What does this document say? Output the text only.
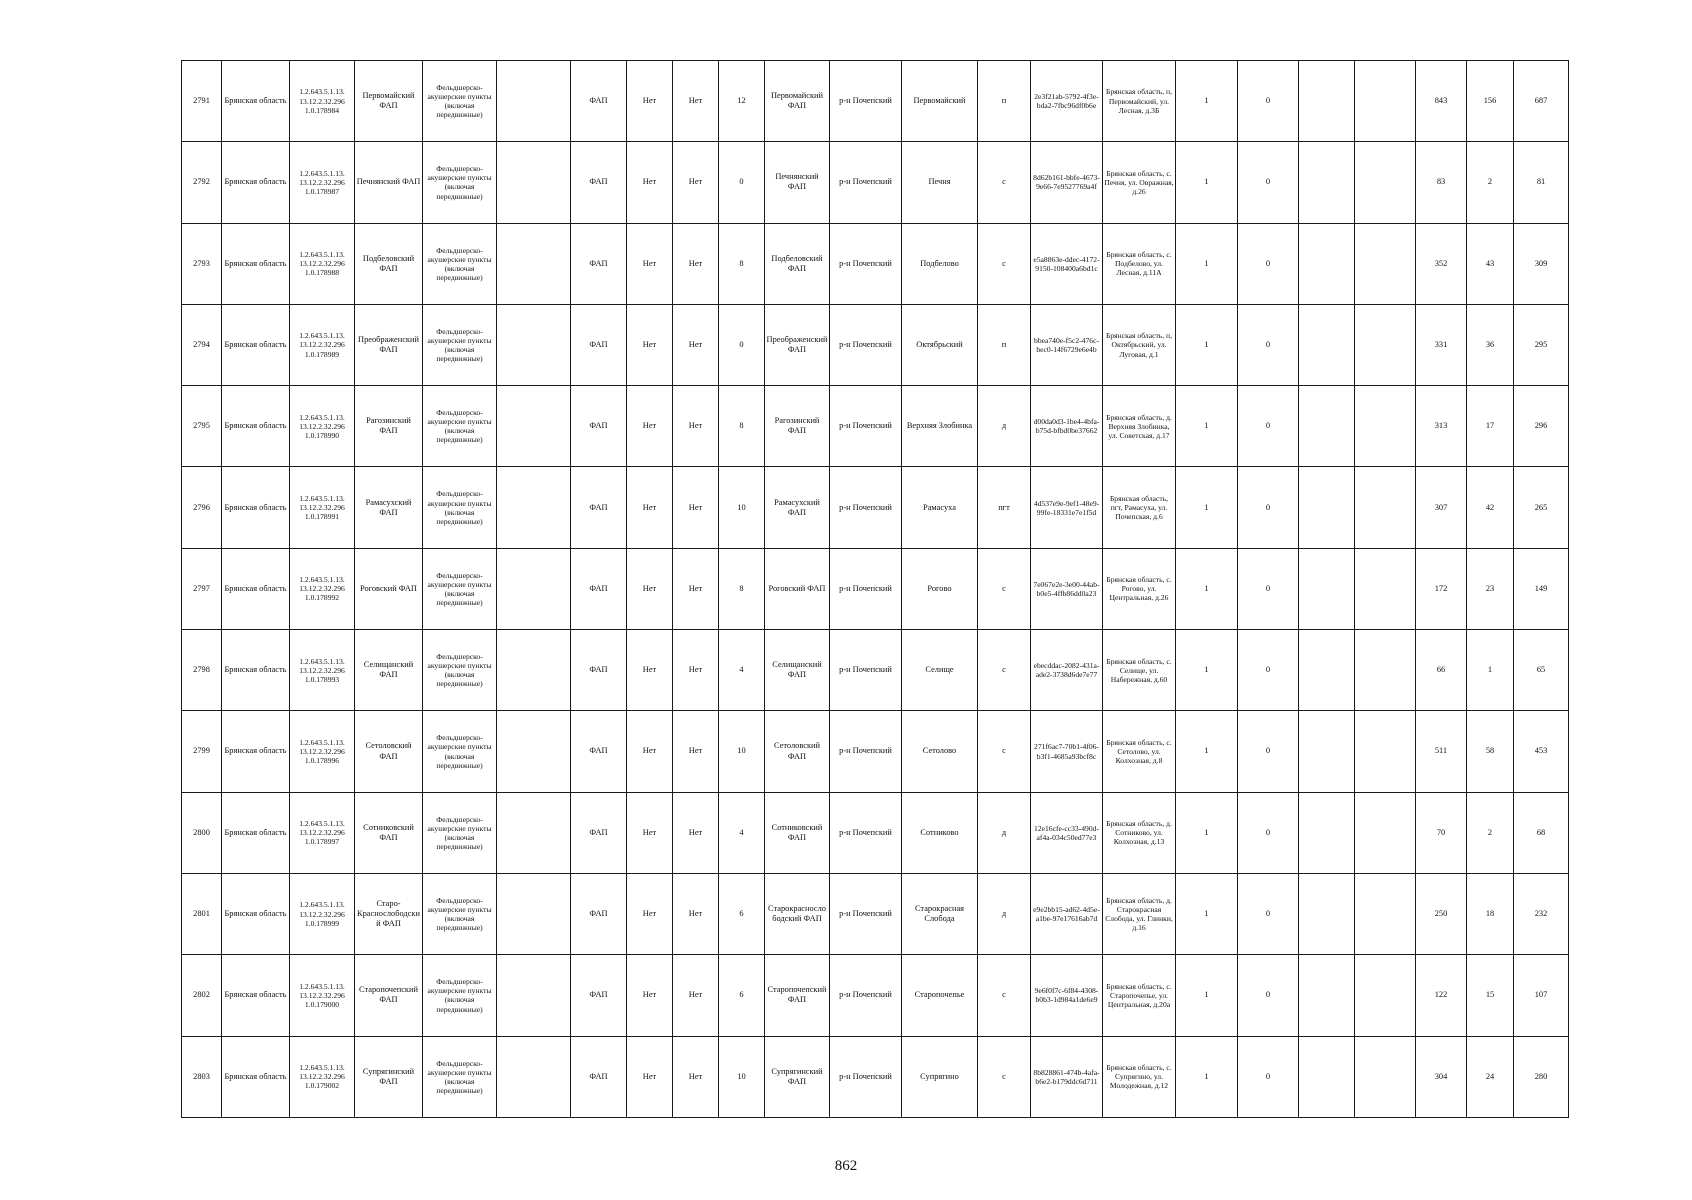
2791	Брянская область	1.2.643.5.1.13. 13.12.2.32.296 1.0.178984	Первомайский ФАП	Фельдшерско-акушерские пункты (включая передвижные)		ФАП	Нет	Нет	12	Первомайский ФАП	р-н Почепский	Первомайский	п	2e3f21ab-5792-4f3e-bda2-7fbc96df0b6e	Брянская область, п, Первомайский, ул. Лесная, д.3Б	1	0			843	156	687
2792	Брянская область	1.2.643.5.1.13. 13.12.2.32.296 1.0.178987	Печнянский ФАП	Фельдшерско-акушерские пункты (включая передвижные)		ФАП	Нет	Нет	0	Печнянский ФАП	р-н Почепский	Печня	с	8d62b161-bbfe-4673-9e66-7e9527769a4f	Брянская область, с. Печня, ул. Овражная, д.26	1	0			83	2	81
2793	Брянская область	1.2.643.5.1.13. 13.12.2.32.296 1.0.178988	Подбеловский ФАП	Фельдшерско-акушерские пункты (включая передвижные)		ФАП	Нет	Нет	8	Подбеловский ФАП	р-н Почепский	Подбелово	с	e5a8863e-ddec-4172-9150-108400a6bd1c	Брянская область, с. Подбелово, ул. Лесная, д.11А	1	0			352	43	309
2794	Брянская область	1.2.643.5.1.13. 13.12.2.32.296 1.0.178989	Преображенский ФАП	Фельдшерско-акушерские пункты (включая передвижные)		ФАП	Нет	Нет	0	Преображенский ФАП	р-н Почепский	Октябрьский	п	bbea740e-f5c2-476c-bec0-14f6729e6e4b	Брянская область, п, Октябрьский, ул. Луговая, д.1	1	0			331	36	295
2795	Брянская область	1.2.643.5.1.13. 13.12.2.32.296 1.0.178990	Рагозинский ФАП	Фельдшерско-акушерские пункты (включая передвижные)		ФАП	Нет	Нет	8	Рагозинский ФАП	р-н Почепский	Верхняя Злобинка	д	d00da0d3-1be4-4bfa-b75d-bfbd0be37662	Брянская область, д. Верхняя Злобинка, ул. Советская, д.17	1	0			313	17	296
2796	Брянская область	1.2.643.5.1.13. 13.12.2.32.296 1.0.178991	Рамасухский ФАП	Фельдшерско-акушерские пункты (включая передвижные)		ФАП	Нет	Нет	10	Рамасухский ФАП	р-н Почепский	Рамасуха	пгт	4d537e9e-9ef1-48e9-99fe-18331e7e1f5d	Брянская область, пгт, Рамасуха, ул. Почепская, д.6	1	0			307	42	265
2797	Брянская область	1.2.643.5.1.13. 13.12.2.32.296 1.0.178992	Роговский ФАП	Фельдшерско-акушерские пункты (включая передвижные)		ФАП	Нет	Нет	8	Роговский ФАП	р-н Почепский	Рогово	с	7e067e2e-3e00-44ab-b0e5-4ffb86dd0a23	Брянская область, с. Рогово, ул. Центральная, д.26	1	0			172	23	149
2798	Брянская область	1.2.643.5.1.13. 13.12.2.32.296 1.0.178993	Селищанский ФАП	Фельдшерско-акушерские пункты (включая передвижные)		ФАП	Нет	Нет	4	Селищанский ФАП	р-н Почепский	Селище	с	ebecddac-2082-431a-ade2-3738d6de7e77	Брянская область, с. Селище, ул. Набережная, д.60	1	0			66	1	65
2799	Брянская область	1.2.643.5.1.13. 13.12.2.32.296 1.0.178996	Сетоловский ФАП	Фельдшерско-акушерские пункты (включая передвижные)		ФАП	Нет	Нет	10	Сетоловский ФАП	р-н Почепский	Сетолово	с	271f6ac7-70b1-4f06-b3f1-4685a93bcf8c	Брянская область, с. Сетолово, ул. Колхозная, д.8	1	0			511	58	453
2800	Брянская область	1.2.643.5.1.13. 13.12.2.32.296 1.0.178997	Сотниковский ФАП	Фельдшерско-акушерские пункты (включая передвижные)		ФАП	Нет	Нет	4	Сотниковский ФАП	р-н Почепский	Сотниково	д	12e16cfe-cc33-490d-af4a-034c50ed77e3	Брянская область, д. Сотниково, ул. Колхозная, д.13	1	0			70	2	68
2801	Брянская область	1.2.643.5.1.13. 13.12.2.32.296 1.0.178999	Старо-Краснослободский ФАП	Фельдшерско-акушерские пункты (включая передвижные)		ФАП	Нет	Нет	6	Старокраснослободский ФАП	р-н Почепский	Старокрасная Слобода	д	e9e2bb15-ad62-4d5e-a1be-97e17616ab7d	Брянская область, д. Старокрасная Слобода, ул. Глинки, д.16	1	0			250	18	232
2802	Брянская область	1.2.643.5.1.13. 13.12.2.32.296 1.0.179000	Старопочепский ФАП	Фельдшерско-акушерские пункты (включая передвижные)		ФАП	Нет	Нет	6	Старопочепский ФАП	р-н Почепский	Старопочепье	с	9e6f0f7c-6f84-4308-b0b3-1d984a1de6e9	Брянская область, с. Старопочепье, ул. Центральная, д.20а	1	0			122	15	107
2803	Брянская область	1.2.643.5.1.13. 13.12.2.32.296 1.0.179002	Супрягинский ФАП	Фельдшерско-акушерские пункты (включая передвижные)		ФАП	Нет	Нет	10	Супрягинский ФАП	р-н Почепский	Супрягино	с	8b828861-474b-4afa-b6e2-b179ddc6d711	Брянская область, с. Супрягино, ул. Молодежная, д.12	1	0			304	24	280
862
